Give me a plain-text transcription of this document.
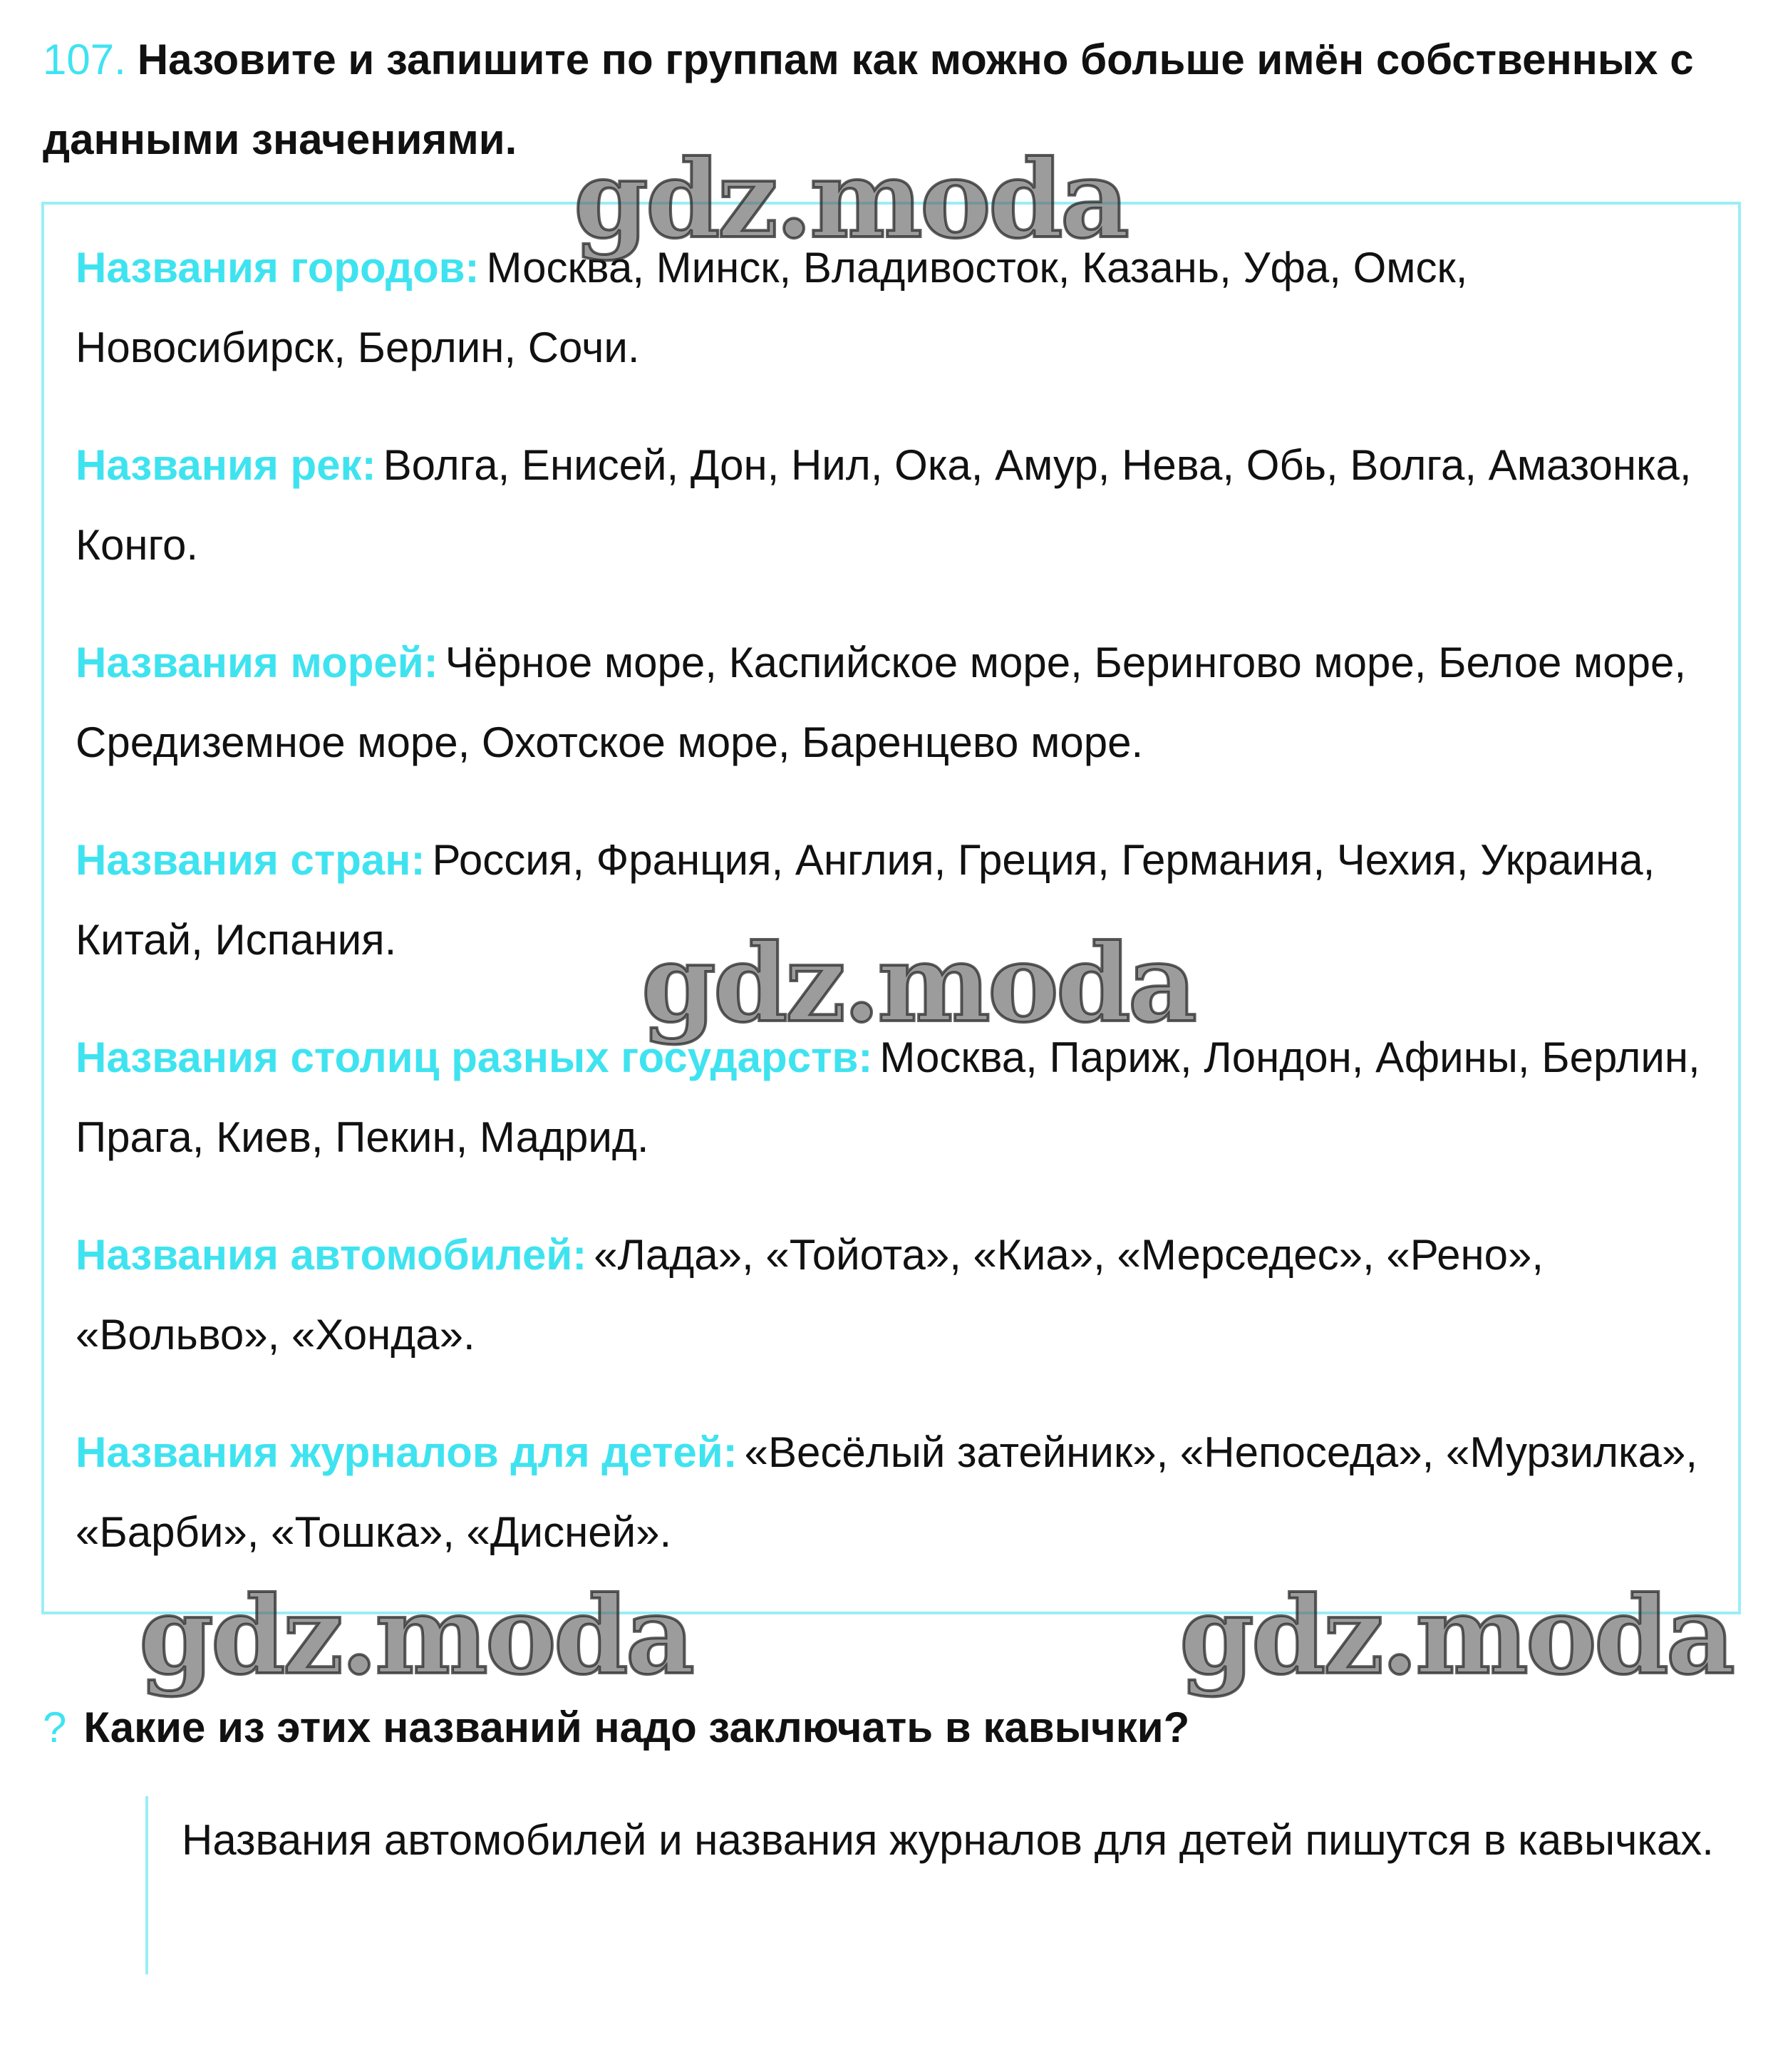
107. Назовите и запишите по группам как можно больше имён собственных с данными значениями.
Названия городов: Москва, Минск, Владивосток, Казань, Уфа, Омск, Новосибирск, Берлин, Сочи.
Названия рек: Волга, Енисей, Дон, Нил, Ока, Амур, Нева, Обь, Волга, Амазонка, Конго.
Названия морей: Чёрное море, Каспийское море, Берингово море, Белое море, Средиземное море, Охотское море, Баренцево море.
Названия стран: Россия, Франция, Англия, Греция, Германия, Чехия, Украина, Китай, Испания.
Названия столиц разных государств: Москва, Париж, Лондон, Афины, Берлин, Прага, Киев, Пекин, Мадрид.
Названия автомобилей: «Лада», «Тойота», «Киа», «Мерседес», «Рено», «Вольво», «Хонда».
Названия журналов для детей: «Весёлый затейник», «Непоседа», «Мурзилка», «Барби», «Тошка», «Дисней».
? Какие из этих названий надо заключать в кавычки?
Названия автомобилей и названия журналов для детей пишутся в кавычках.
gdz.moda
gdz.moda
gdz.moda	gdz.moda
